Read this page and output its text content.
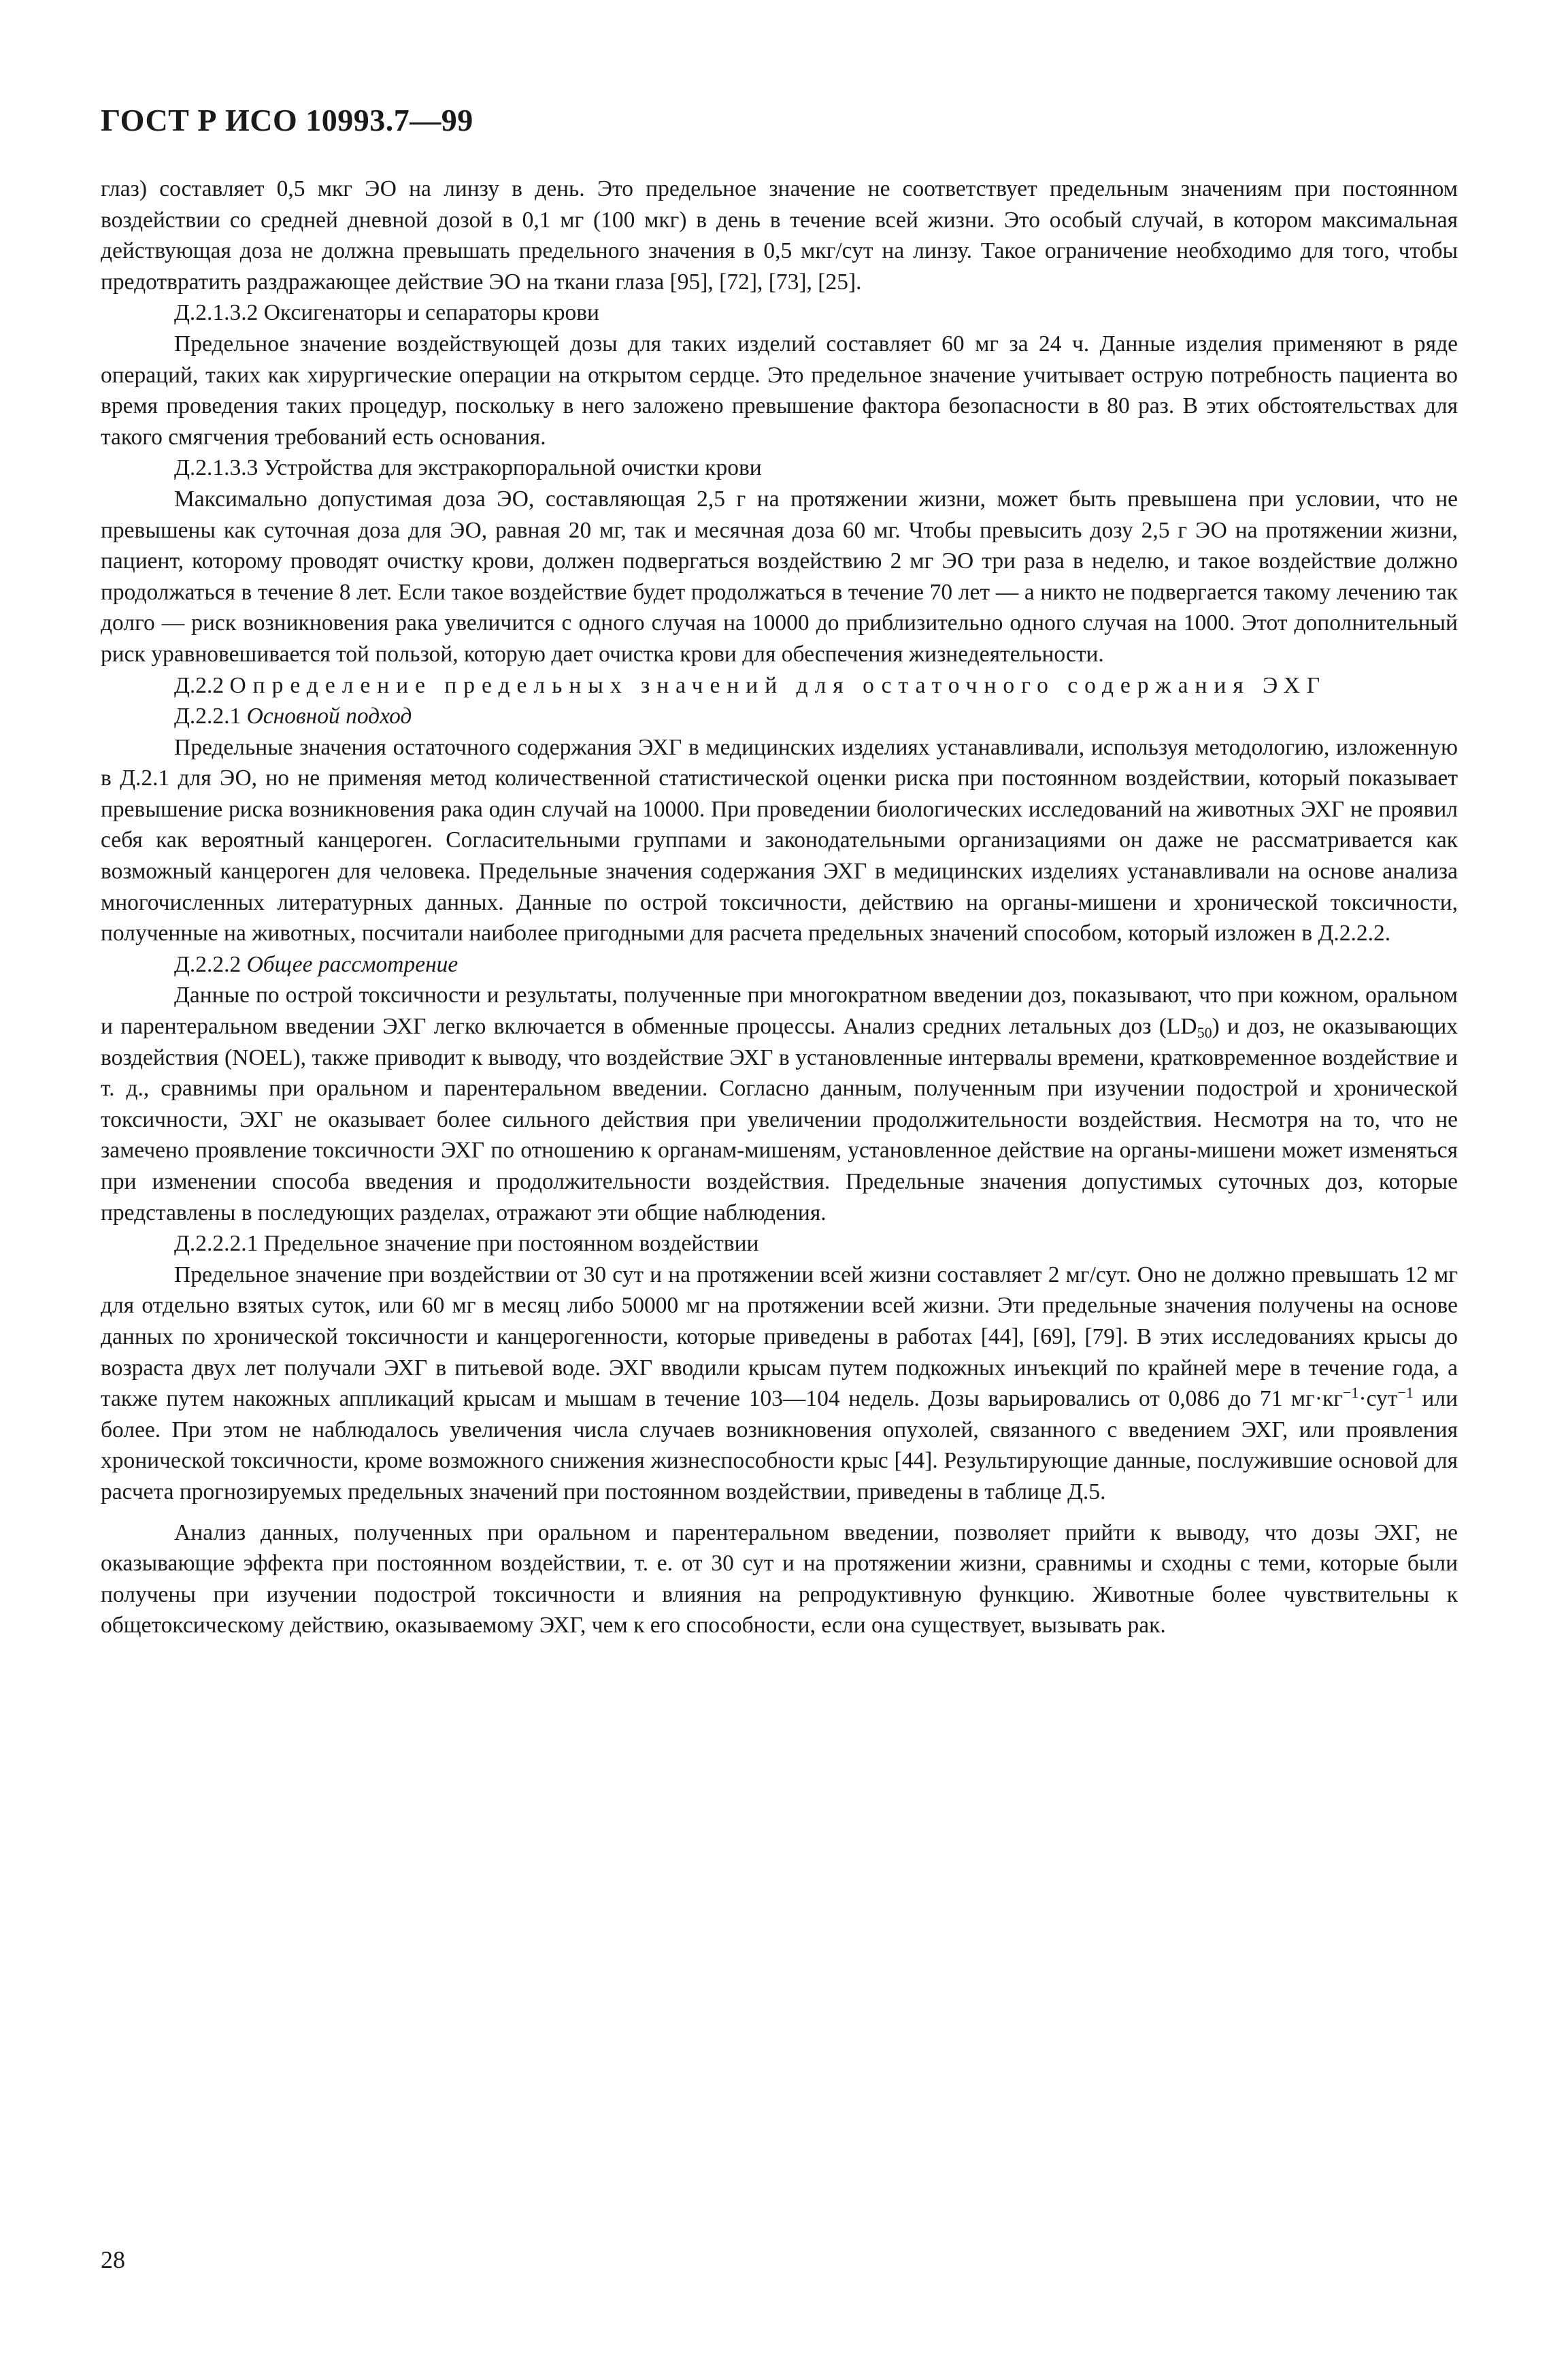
ГОСТ Р ИСО 10993.7—99

глаз) составляет 0,5 мкг ЭО на линзу в день. Это предельное значение не соответствует предельным значениям при постоянном воздействии со средней дневной дозой в 0,1 мг (100 мкг) в день в течение всей жизни. Это особый случай, в котором максимальная действующая доза не должна превышать предельного значения в 0,5 мкг/сут на линзу. Такое ограничение необходимо для того, чтобы предотвратить раздражающее действие ЭО на ткани глаза [95], [72], [73], [25].

Д.2.1.3.2 Оксигенаторы и сепараторы крови

Предельное значение воздействующей дозы для таких изделий составляет 60 мг за 24 ч. Данные изделия применяют в ряде операций, таких как хирургические операции на открытом сердце. Это предельное значение учитывает острую потребность пациента во время проведения таких процедур, поскольку в него заложено превышение фактора безопасности в 80 раз. В этих обстоятельствах для такого смягчения требований есть основания.

Д.2.1.3.3 Устройства для экстракорпоральной очистки крови

Максимально допустимая доза ЭО, составляющая 2,5 г на протяжении жизни, может быть превышена при условии, что не превышены как суточная доза для ЭО, равная 20 мг, так и месячная доза 60 мг. Чтобы превысить дозу 2,5 г ЭО на протяжении жизни, пациент, которому проводят очистку крови, должен подвергаться воздействию 2 мг ЭО три раза в неделю, и такое воздействие должно продолжаться в течение 8 лет. Если такое воздействие будет продолжаться в течение 70 лет — а никто не подвергается такому лечению так долго — риск возникновения рака увеличится с одного случая на 10000 до приблизительно одного случая на 1000. Этот дополнительный риск уравновешивается той пользой, которую дает очистка крови для обеспечения жизнедеятельности.

Д.2.2 Определение предельных значений для остаточного содержания ЭХГ

Д.2.2.1 Основной подход

Предельные значения остаточного содержания ЭХГ в медицинских изделиях устанавливали, используя методологию, изложенную в Д.2.1 для ЭО, но не применяя метод количественной статистической оценки риска при постоянном воздействии, который показывает превышение риска возникновения рака один случай на 10000. При проведении биологических исследований на животных ЭХГ не проявил себя как вероятный канцероген. Согласительными группами и законодательными организациями он даже не рассматривается как возможный канцероген для человека. Предельные значения содержания ЭХГ в медицинских изделиях устанавливали на основе анализа многочисленных литературных данных. Данные по острой токсичности, действию на органы-мишени и хронической токсичности, полученные на животных, посчитали наиболее пригодными для расчета предельных значений способом, который изложен в Д.2.2.2.

Д.2.2.2 Общее рассмотрение

Данные по острой токсичности и результаты, полученные при многократном введении доз, показывают, что при кожном, оральном и парентеральном введении ЭХГ легко включается в обменные процессы. Анализ средних летальных доз $(LD_{50})$ и доз, не оказывающих воздействия (NOEL), также приводит к выводу, что воздействие ЭХГ в установленные интервалы времени, кратковременное воздействие и т. д., сравнимы при оральном и парентеральном введении. Согласно данным, полученным при изучении подострой и хронической токсичности, ЭХГ не оказывает более сильного действия при увеличении продолжительности воздействия. Несмотря на то, что не замечено проявление токсичности ЭХГ по отношению к органам-мишеням, установленное действие на органы-мишени может изменяться при изменении способа введения и продолжительности воздействия. Предельные значения допустимых суточных доз, которые представлены в последующих разделах, отражают эти общие наблюдения.

Д.2.2.2.1 Предельное значение при постоянном воздействии

Предельное значение при воздействии от 30 сут и на протяжении всей жизни составляет 2 мг/сут. Оно не должно превышать 12 мг для отдельно взятых суток, или 60 мг в месяц либо 50000 мг на протяжении всей жизни. Эти предельные значения получены на основе данных по хронической токсичности и канцерогенности, которые приведены в работах [44], [69], [79]. В этих исследованиях крысы до возраста двух лет получали ЭХГ в питьевой воде. ЭХГ вводили крысам путем подкожных инъекций по крайней мере в течение года, а также путем накожных аппликаций крысам и мышам в течение 103—104 недель. Дозы варьировались от 0,086 до 71 $мг\cdot кг^{-1}\cdot сут^{-1}$ или более. При этом не наблюдалось увеличения числа случаев возникновения опухолей, связанного с введением ЭХГ, или проявления хронической токсичности, кроме возможного снижения жизнеспособности крыс [44]. Результирующие данные, послужившие основой для расчета прогнозируемых предельных значений при постоянном воздействии, приведены в таблице Д.5.

Анализ данных, полученных при оральном и парентеральном введении, позволяет прийти к выводу, что дозы ЭХГ, не оказывающие эффекта при постоянном воздействии, т. е. от 30 сут и на протяжении жизни, сравнимы и сходны с теми, которые были получены при изучении подострой токсичности и влияния на репродуктивную функцию. Животные более чувствительны к общетоксическому действию, оказываемому ЭХГ, чем к его способности, если она существует, вызывать рак.

28
